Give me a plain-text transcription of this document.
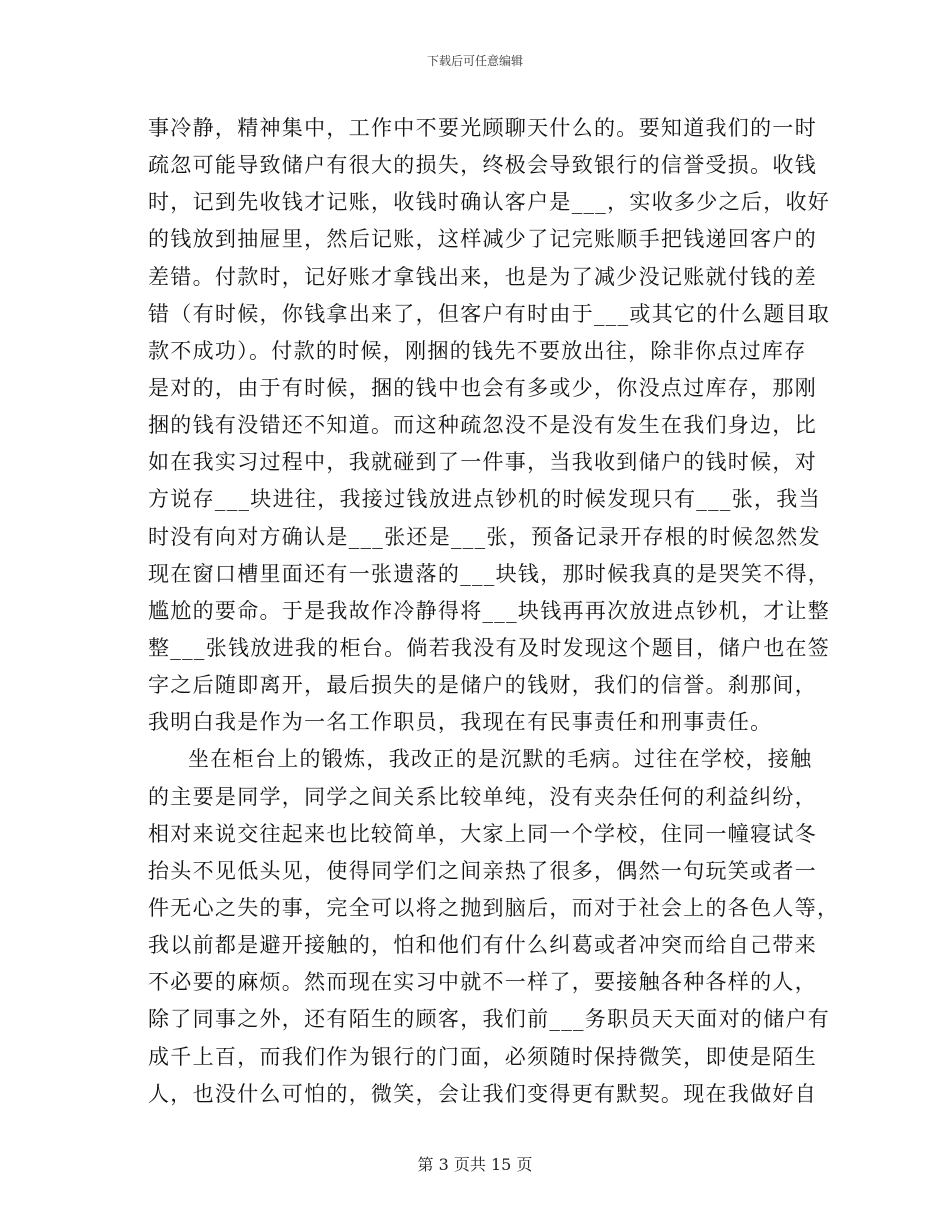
下载后可任意编辑
事冷静，精神集中，工作中不要光顾聊天什么的。要知道我们的一时
疏忽可能导致储户有很大的损失，终极会导致银行的信誉受损。收钱
时，记到先收钱才记账，收钱时确认客户是___，实收多少之后，收好
的钱放到抽屉里，然后记账，这样减少了记完账顺手把钱递回客户的
差错。付款时，记好账才拿钱出来，也是为了减少没记账就付钱的差
错（有时候，你钱拿出来了，但客户有时由于___或其它的什么题目取
款不成功）。付款的时候，刚捆的钱先不要放出往，除非你点过库存
是对的，由于有时候，捆的钱中也会有多或少，你没点过库存，那刚
捆的钱有没错还不知道。而这种疏忽没不是没有发生在我们身边，比
如在我实习过程中，我就碰到了一件事，当我收到储户的钱时候，对
方说存___块进往，我接过钱放进点钞机的时候发现只有___张，我当
时没有向对方确认是___张还是___张，预备记录开存根的时候忽然发
现在窗口槽里面还有一张遗落的___块钱，那时候我真的是哭笑不得，
尴尬的要命。于是我故作冷静得将___块钱再再次放进点钞机，才让整
整___张钱放进我的柜台。倘若我没有及时发现这个题目，储户也在签
字之后随即离开，最后损失的是储户的钱财，我们的信誉。刹那间，
我明白我是作为一名工作职员，我现在有民事责任和刑事责任。
坐在柜台上的锻炼，我改正的是沉默的毛病。过往在学校，接触
的主要是同学，同学之间关系比较单纯，没有夹杂任何的利益纠纷，
相对来说交往起来也比较简单，大家上同一个学校，住同一幢寝试冬
抬头不见低头见，使得同学们之间亲热了很多，偶然一句玩笑或者一
件无心之失的事，完全可以将之抛到脑后，而对于社会上的各色人等，
我以前都是避开接触的，怕和他们有什么纠葛或者冲突而给自己带来
不必要的麻烦。然而现在实习中就不一样了，要接触各种各样的人，
除了同事之外，还有陌生的顾客，我们前___务职员天天面对的储户有
成千上百，而我们作为银行的门面，必须随时保持微笑，即使是陌生
人，也没什么可怕的，微笑，会让我们变得更有默契。现在我做好自
第 3 页共 15 页
